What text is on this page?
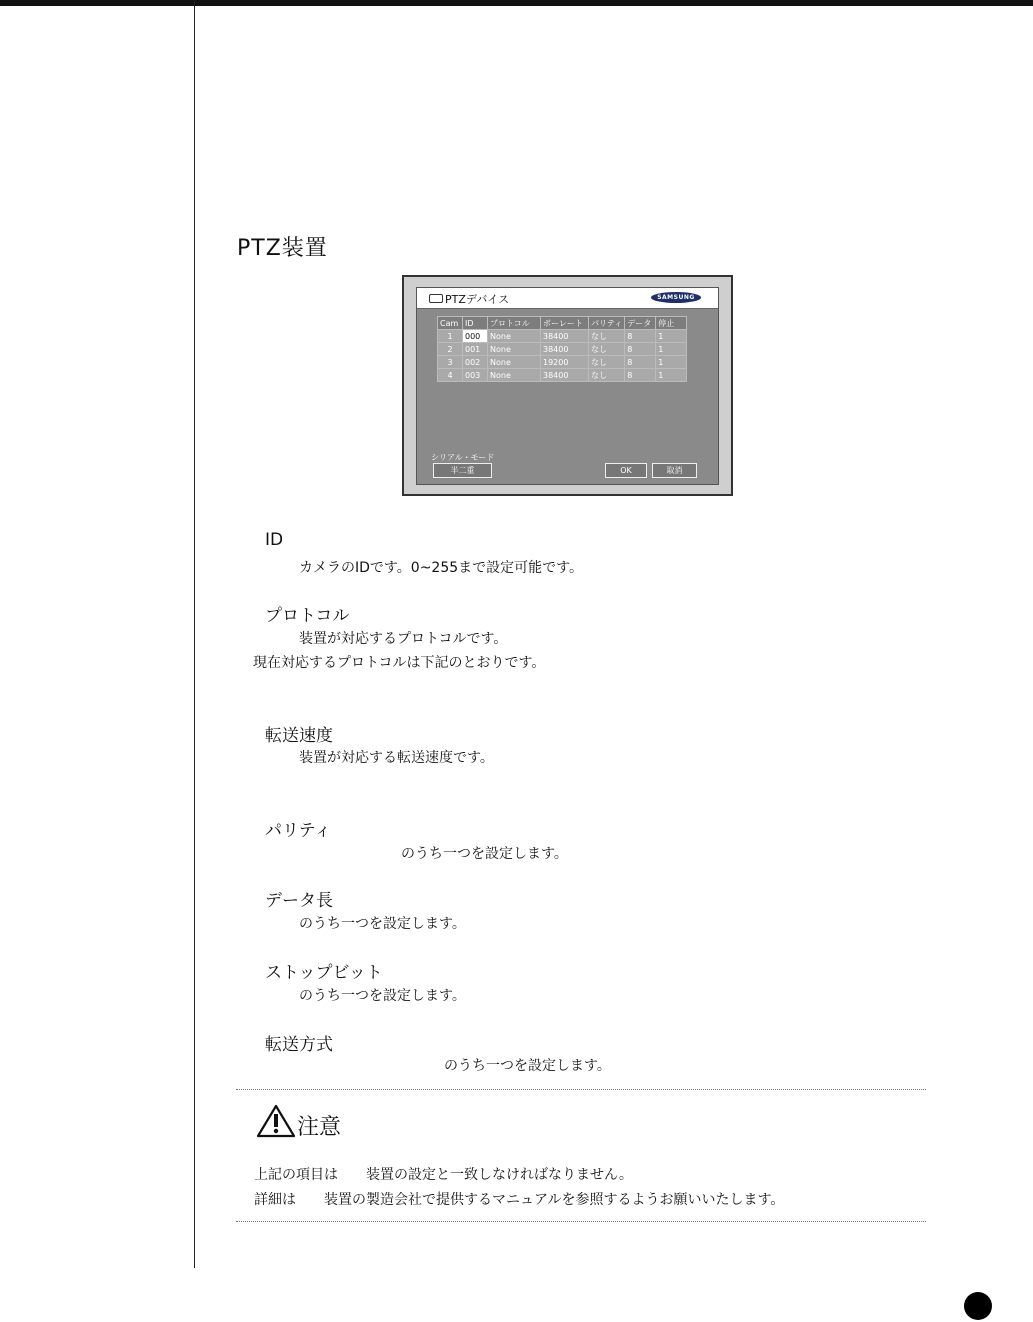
PTZ装置
PTZデバイス	SAMSUNG
Cam	ID	プロトコル	ボーレート	パリティ	データ	停止
1	000	None	38400	なし	8	1
2	001	None	38400	なし	8	1
3	002	None	19200	なし	8	1
4	003	None	38400	なし	8	1
シリアル・モード
半二重	OK	取消
ID
カメラのIDです。0~255まで設定可能です。
プロトコル
装置が対応するプロトコルです。
現在対応するプロトコルは下記のとおりです。
転送速度
装置が対応する転送速度です。
パリティ
のうち一つを設定します。
データ長
のうち一つを設定します。
ストップビット
のうち一つを設定します。
転送方式
のうち一つを設定します。
注意
上記の項目は　　装置の設定と一致しなければなりません。
詳細は　　装置の製造会社で提供するマニュアルを参照するようお願いいたします。
